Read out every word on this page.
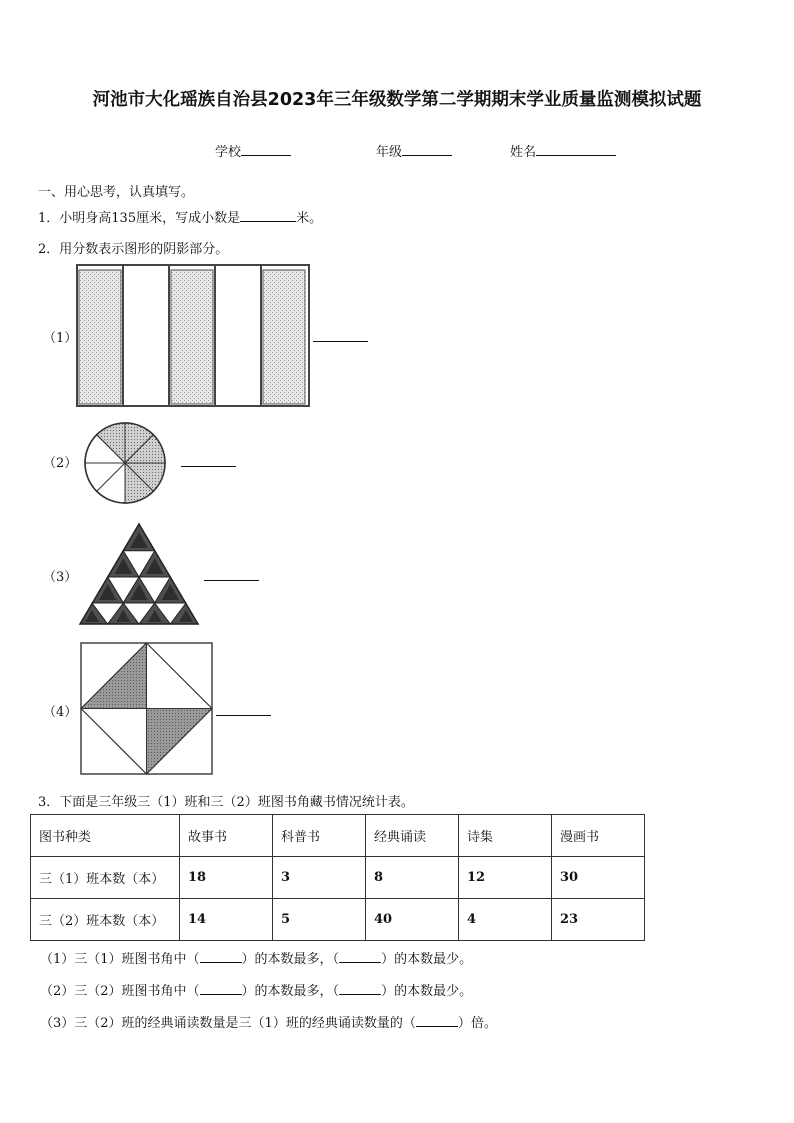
河池市大化瑶族自治县2023年三年级数学第二学期期末学业质量监测模拟试题
学校	年级	姓名
一、用心思考，认真填写。
1．小明身高135厘米，写成小数是	米。
2．用分数表示图形的阴影部分。
（1）
（2）
（3）
（4）
3．下面是三年级三（1）班和三（2）班图书角藏书情况统计表。
图书种类	故事书	科普书	经典诵读	诗集	漫画书
三（1）班本数（本）	18	3	8	12	30
三（2）班本数（本）	14	5	40	4	23
（1）三（1）班图书角中（	）的本数最多，（	）的本数最少。
（2）三（2）班图书角中（	）的本数最多，（	）的本数最少。
（3）三（2）班的经典诵读数量是三（1）班的经典诵读数量的（	）倍。
